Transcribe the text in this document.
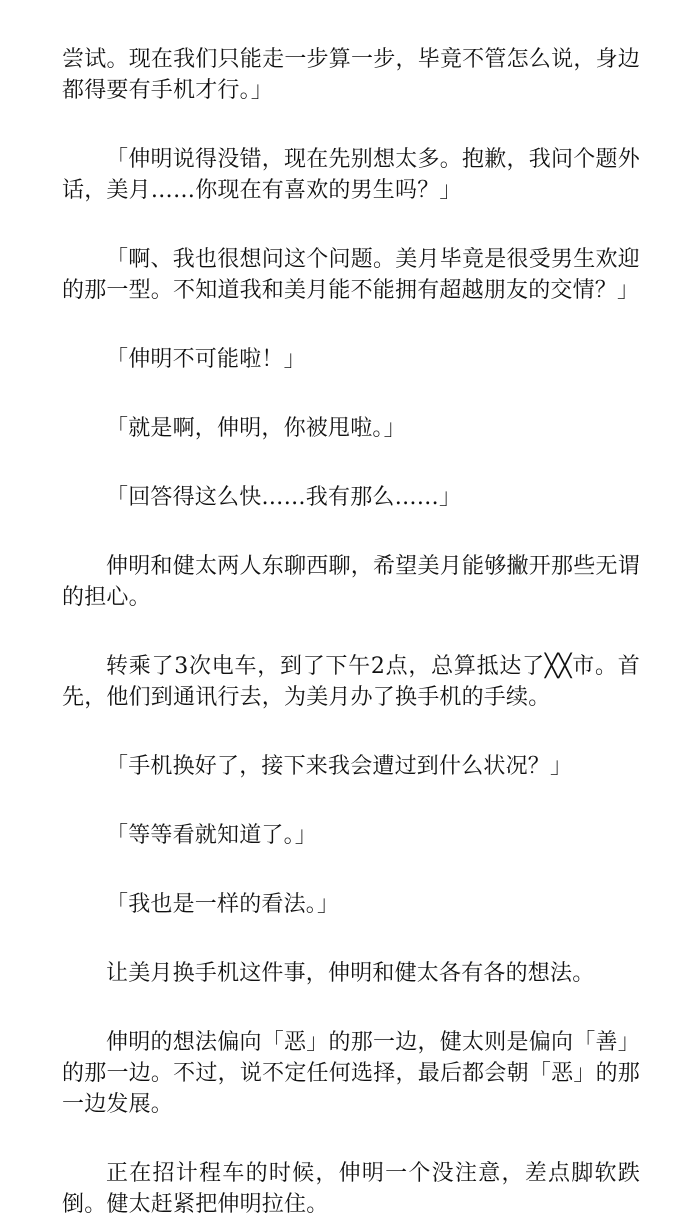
尝试。现在我们只能走一步算一步，毕竟不管怎么说，身边都得要有手机才行。」

「伸明说得没错，现在先别想太多。抱歉，我问个题外话，美月……你现在有喜欢的男生吗？」

「啊、我也很想问这个问题。美月毕竟是很受男生欢迎的那一型。不知道我和美月能不能拥有超越朋友的交情？」

「伸明不可能啦！」

「就是啊，伸明，你被甩啦。」

「回答得这么快……我有那么……」

伸明和健太两人东聊西聊，希望美月能够撇开那些无谓的担心。

转乘了3次电车，到了下午2点，总算抵达了╳╳市。首先，他们到通讯行去，为美月办了换手机的手续。

「手机换好了，接下来我会遭过到什么状况？」

「等等看就知道了。」

「我也是一样的看法。」

让美月换手机这件事，伸明和健太各有各的想法。

伸明的想法偏向「恶」的那一边，健太则是偏向「善」的那一边。不过，说不定任何选择，最后都会朝「恶」的那一边发展。

正在招计程车的时候，伸明一个没注意，差点脚软跌倒。健太赶紧把伸明拉住。
